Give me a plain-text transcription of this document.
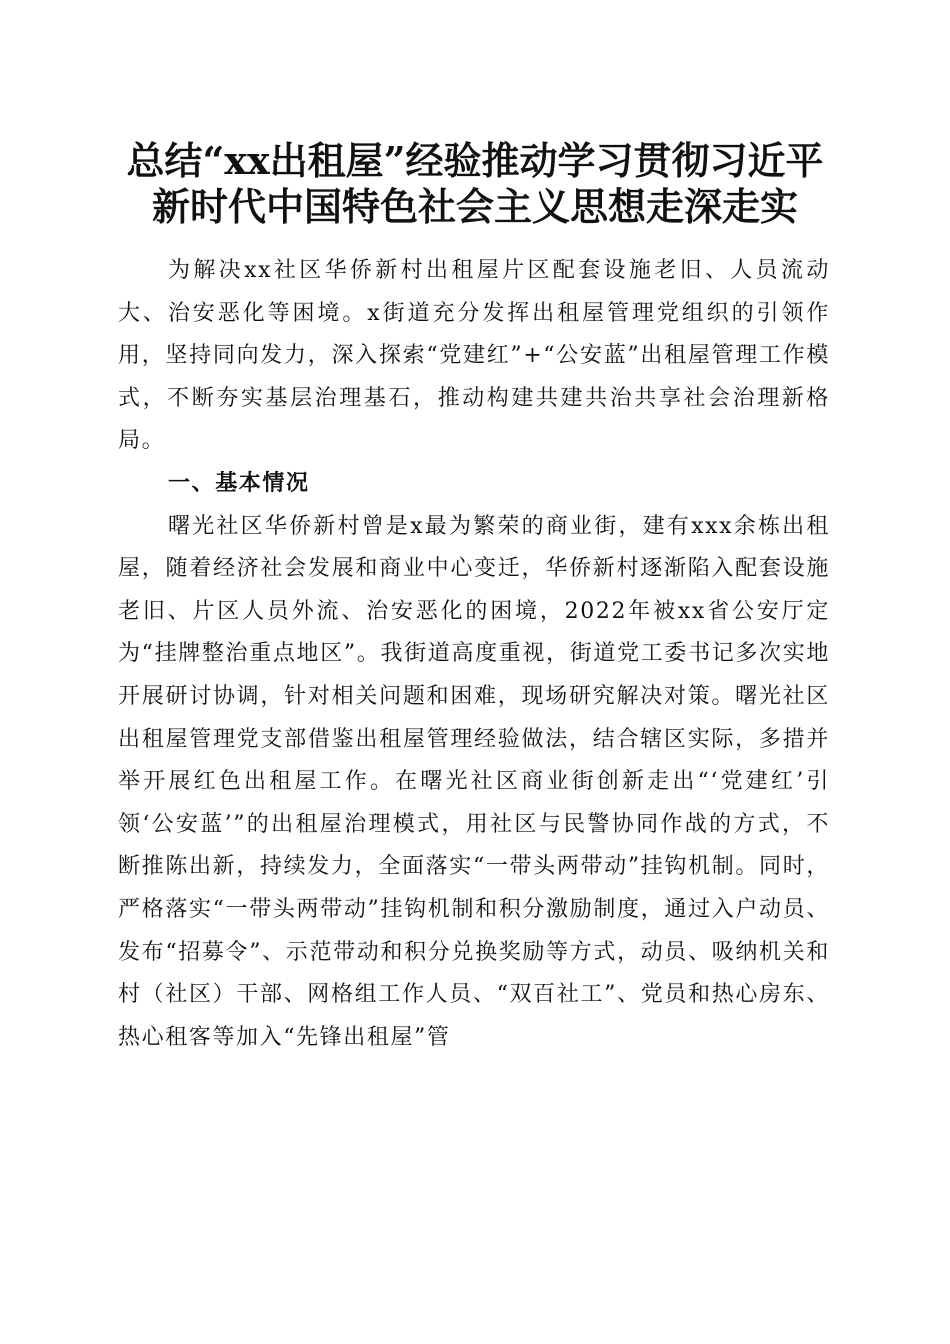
总结“xx出租屋”经验推动学习贯彻习近平
新时代中国特色社会主义思想走深走实

为解决xx社区华侨新村出租屋片区配套设施老旧、人员流动大、治安恶化等困境。x街道充分发挥出租屋管理党组织的引领作用，坚持同向发力，深入探索“党建红”+“公安蓝”出租屋管理工作模式，不断夯实基层治理基石，推动构建共建共治共享社会治理新格局。

一、基本情况

曙光社区华侨新村曾是x最为繁荣的商业街，建有xxx余栋出租屋，随着经济社会发展和商业中心变迁，华侨新村逐渐陷入配套设施老旧、片区人员外流、治安恶化的困境，2022年被xx省公安厅定为“挂牌整治重点地区”。我街道高度重视，街道党工委书记多次实地开展研讨协调，针对相关问题和困难，现场研究解决对策。曙光社区出租屋管理党支部借鉴出租屋管理经验做法，结合辖区实际，多措并举开展红色出租屋工作。在曙光社区商业街创新走出“‘党建红’引领‘公安蓝’”的出租屋治理模式，用社区与民警协同作战的方式，不断推陈出新，持续发力，全面落实“一带头两带动”挂钩机制。同时，严格落实“一带头两带动”挂钩机制和积分激励制度，通过入户动员、发布“招募令”、示范带动和积分兑换奖励等方式，动员、吸纳机关和村（社区）干部、网格组工作人员、“双百社工”、党员和热心房东、热心租客等加入“先锋出租屋”管
